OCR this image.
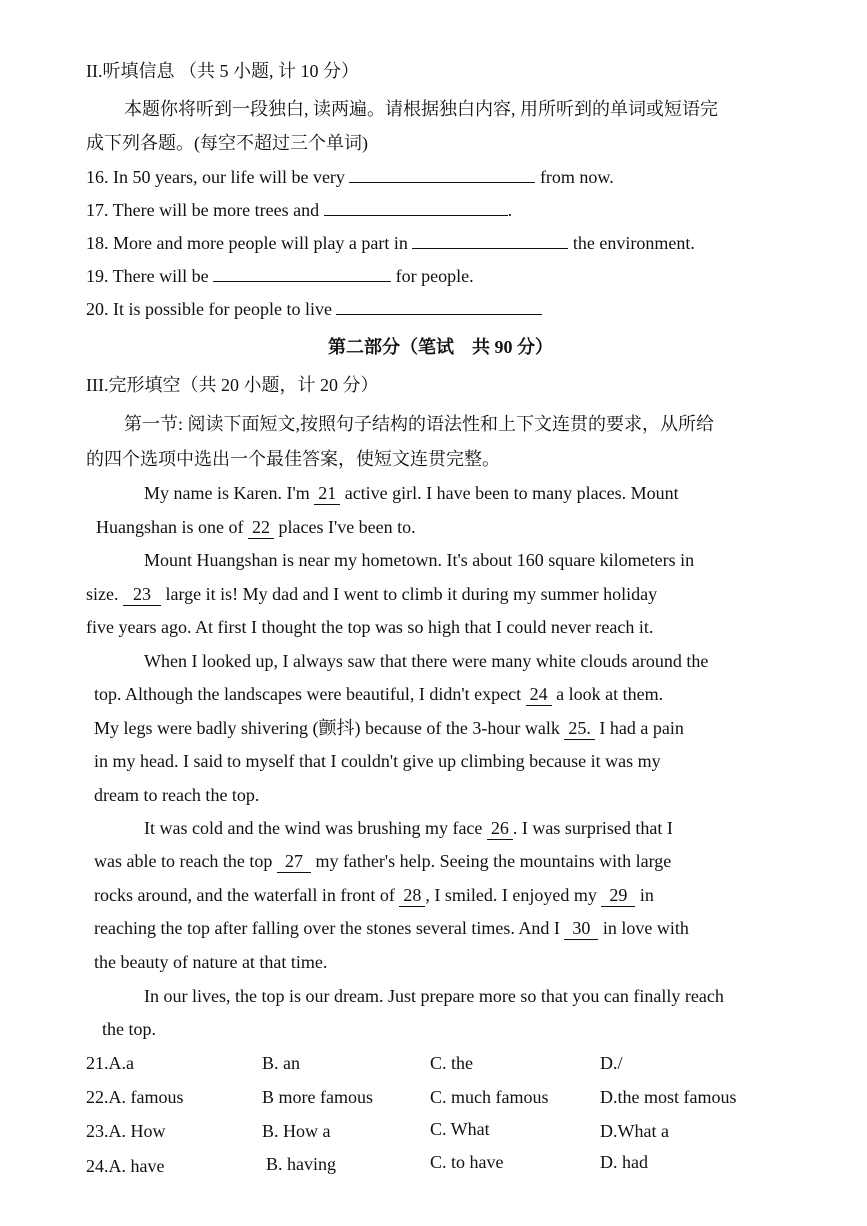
II.听填信息 （共 5 小题, 计 10 分）
本题你将听到一段独白, 读两遍。请根据独白内容, 用所听到的单词或短语完
成下列各题。(每空不超过三个单词)
16. In 50 years, our life will be very	from now.
17. There will be more trees and	.
18. More and more people will play a part in	the environment.
19. There will be	for people.
20. It is possible for people to live
第二部分（笔试　共 90 分）
III.完形填空（共 20 小题，计 20 分）
第一节: 阅读下面短文,按照句子结构的语法性和上下文连贯的要求，从所给
的四个选项中选出一个最佳答案，使短文连贯完整。
My name is Karen. I'm 21 active girl. I have been to many places. Mount
Huangshan is one of 22 places I've been to.
Mount Huangshan is near my hometown. It's about 160 square kilometers in
size. 23 large it is! My dad and I went to climb it during my summer holiday
five years ago. At first I thought the top was so high that I could never reach it.
When I looked up, I always saw that there were many white clouds around the
top. Although the landscapes were beautiful, I didn't expect 24 a look at them.
My legs were badly shivering (颤抖) because of the 3-hour walk 25. I had a pain
in my head. I said to myself that I couldn't give up climbing because it was my
dream to reach the top.
It was cold and the wind was brushing my face 26 . I was surprised that I
was able to reach the top 27 my father's help. Seeing the mountains with large
rocks around, and the waterfall in front of 28 , I smiled. I enjoyed my 29 in
reaching the top after falling over the stones several times. And I 30 in love with
the beauty of nature at that time.
In our lives, the top is our dream. Just prepare more so that you can finally reach
the top.
21.A.a	B. an	C. the	D./
22.A. famous	B more famous	C. much famous	D.the most famous
23.A. How	B. How a	C. What	D.What a
24.A. have	B. having	C. to have	D. had
